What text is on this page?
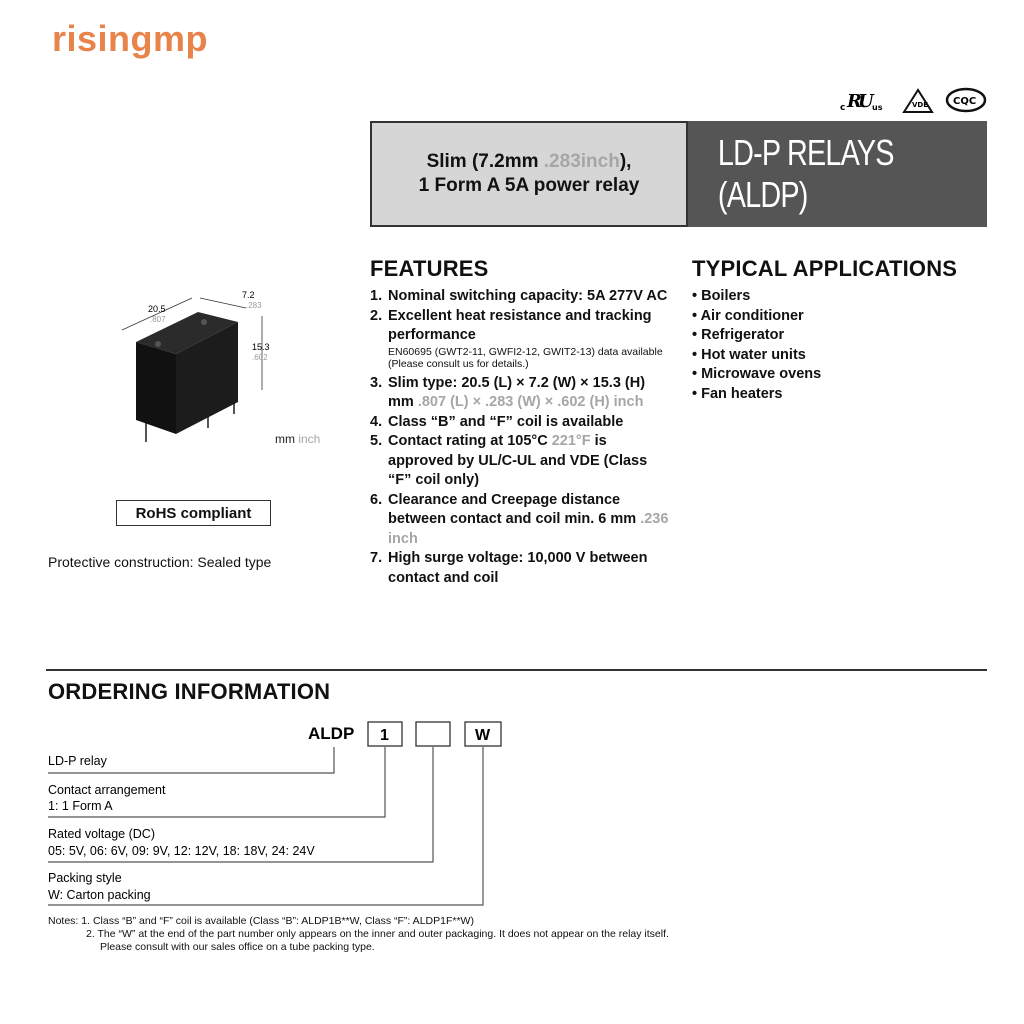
risingmp
c R
U
us	VDE CQC
Slim (7.2mm .283inch),
1 Form A 5A power relay
LD-P RELAYS (ALDP)
20.5
.807
7.2
.283
15.3
.602
mm inch
RoHS compliant
Protective construction: Sealed type
FEATURES
1. Nominal switching capacity: 5A 277V AC
2. Excellent heat resistance and tracking performance
EN60695 (GWT2-11, GWFI2-12, GWIT2-13) data available
(Please consult us for details.)
3. Slim type: 20.5 (L) × 7.2 (W) × 15.3 (H) mm .807 (L) × .283 (W) × .602 (H) inch
4. Class “B” and “F” coil is available
5. Contact rating at 105°C 221°F is approved by UL/C-UL and VDE (Class “F” coil only)
6. Clearance and Creepage distance between contact and coil min. 6 mm .236 inch
7. High surge voltage: 10,000 V between contact and coil
TYPICAL APPLICATIONS
• Boilers
• Air conditioner
• Refrigerator
• Hot water units
• Microwave ovens
• Fan heaters
ORDERING INFORMATION
ALDP 1	W
LD-P relay
Contact arrangement
1: 1 Form A
Rated voltage (DC)
05: 5V, 06: 6V, 09: 9V, 12: 12V, 18: 18V, 24: 24V
Packing style
W: Carton packing
Notes: 1. Class “B” and “F” coil is available (Class “B”: ALDP1B**W, Class “F”: ALDP1F**W)
2. The “W” at the end of the part number only appears on the inner and outer packaging. It does not appear on the relay itself.
Please consult with our sales office on a tube packing type.
